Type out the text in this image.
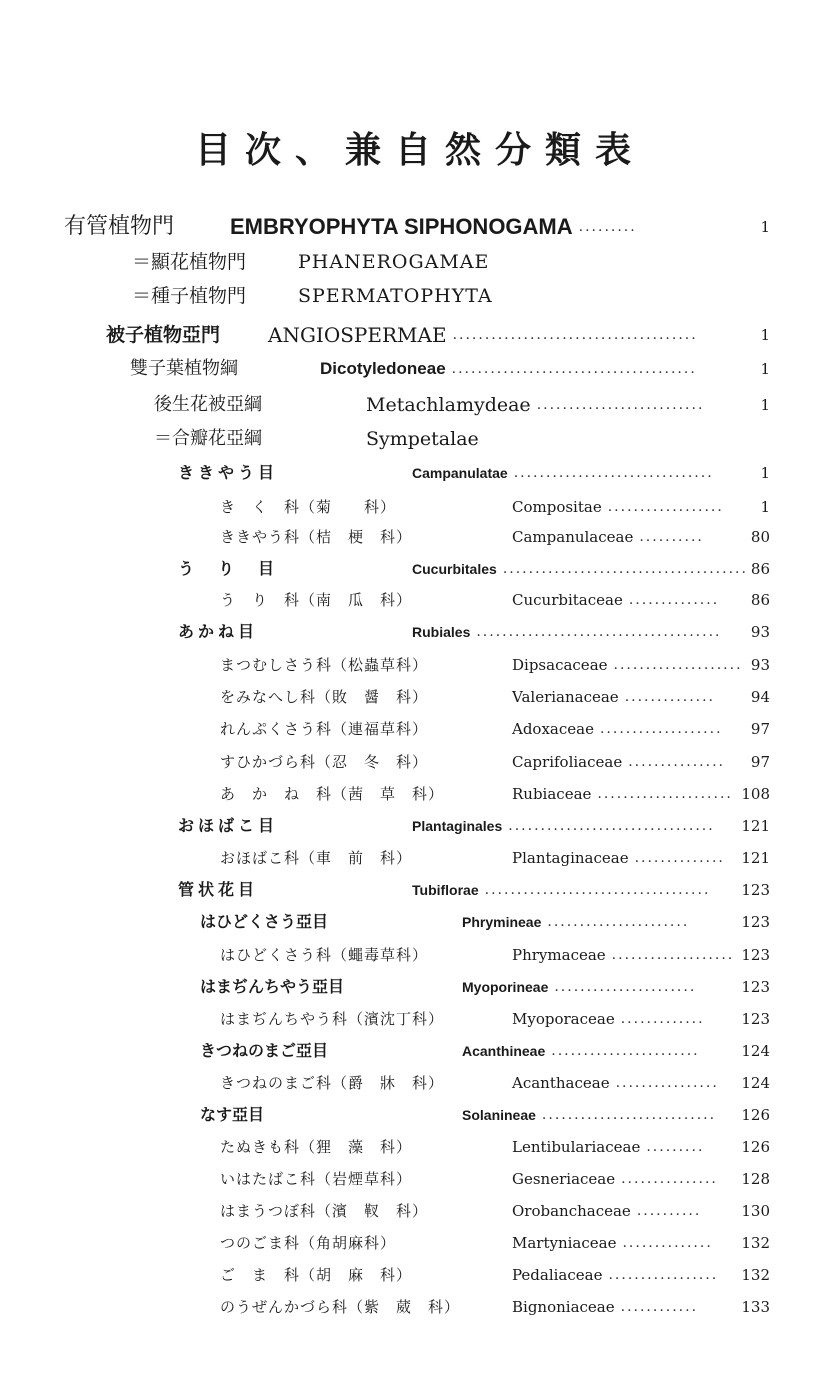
目次、兼自然分類表
有管植物門	EMBRYOPHYTA SIPHONOGAMA .........	1
＝顯花植物門	PHANEROGAMAE
＝種子植物門	SPERMATOPHYTA
被子植物亞門 ANGIOSPERMAE ......................................	1
雙子葉植物綱	Dicotyledoneae ......................................	1
後生花被亞綱	Metachlamydeae ..........................	1
＝合瓣花亞綱	Sympetalae
ききやう目	Campanulatae ...............................	1
き　く　科（菊　　科）	Compositae ..................	1
ききやう科（桔　梗　科）	Campanulaceae ..........	80
う　り　目	Cucurbitales ...................................... 86
う　り　科（南　瓜　科）	Cucurbitaceae ..............	86
あかね目	Rubiales ......................................	93
まつむしさう科（松蟲草科）	Dipsacaceae .................... 93
をみなへし科（敗　醤　科）	Valerianaceae ..............	94
れんぷくさう科（連福草科）	Adoxaceae ...................	97
すひかづら科（忍　冬　科）	Caprifoliaceae ...............	97
あ　か　ね　科（茜　草　科）	Rubiaceae ..................... 108
おほばこ目	Plantaginales ................................	121
おほばこ科（車　前　科）	Plantaginaceae ..............	121
管状花目	Tubiflorae ...................................	123
はひどくさう亞目	Phrymineae ......................	123
はひどくさう科（蠅毒草科）	Phrymaceae ................... 123
はまぢんちやう亞目	Myoporineae ......................	123
はまぢんちやう科（濱沈丁科）	Myoporaceae .............	123
きつねのまご亞目	Acanthineae .......................	124
きつねのまご科（爵　牀　科）	Acanthaceae ................	124
なす亞目	Solanineae ...........................	126
たぬきも科（狸　藻　科）	Lentibulariaceae .........	126
いはたばこ科（岩煙草科）	Gesneriaceae ...............	128
はまうつぼ科（濱　靫　科）	Orobanchaceae ..........	130
つのごま科（角胡麻科）	Martyniaceae ..............	132
ご　ま　科（胡　麻　科）	Pedaliaceae .................	132
のうぜんかづら科（紫　葳　科）	Bignoniaceae ............	133
